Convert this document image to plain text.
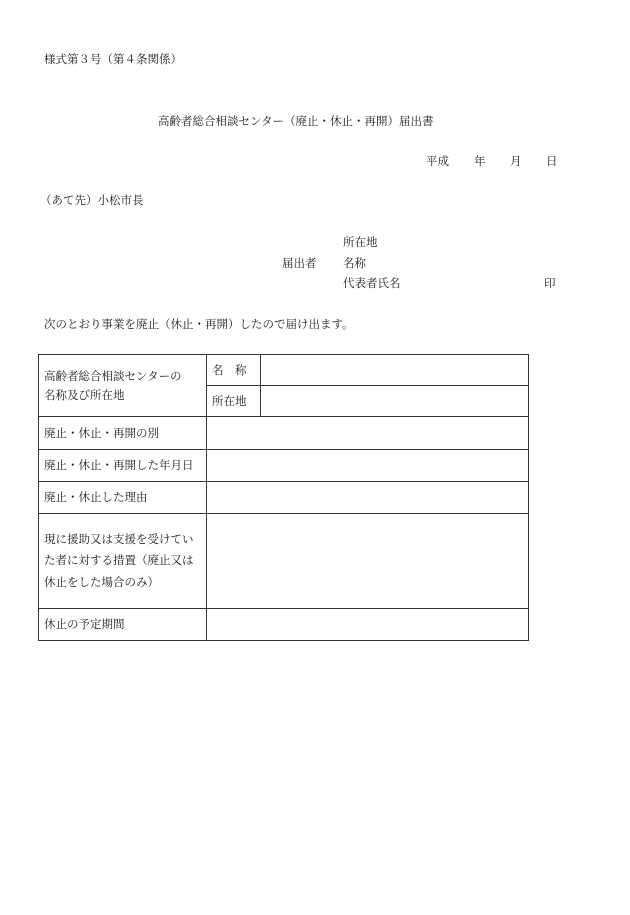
様式第３号（第４条関係）
高齢者総合相談センター（廃止・休止・再開）届出書
平成 年 月 日
（あて先）小松市長
届出者
所在地
名称
代表者氏名	印
次のとおり事業を廃止（休止・再開）したので届け出ます。
高齢者総合相談センターの
名称及び所在地	名　称	
	所在地	
廃止・休止・再開の別		
廃止・休止・再開した年月日		
廃止・休止した理由		

現に援助又は支援を受けてい
た者に対する措置（廃止又は
休止をした場合のみ）		

休止の予定期間		
